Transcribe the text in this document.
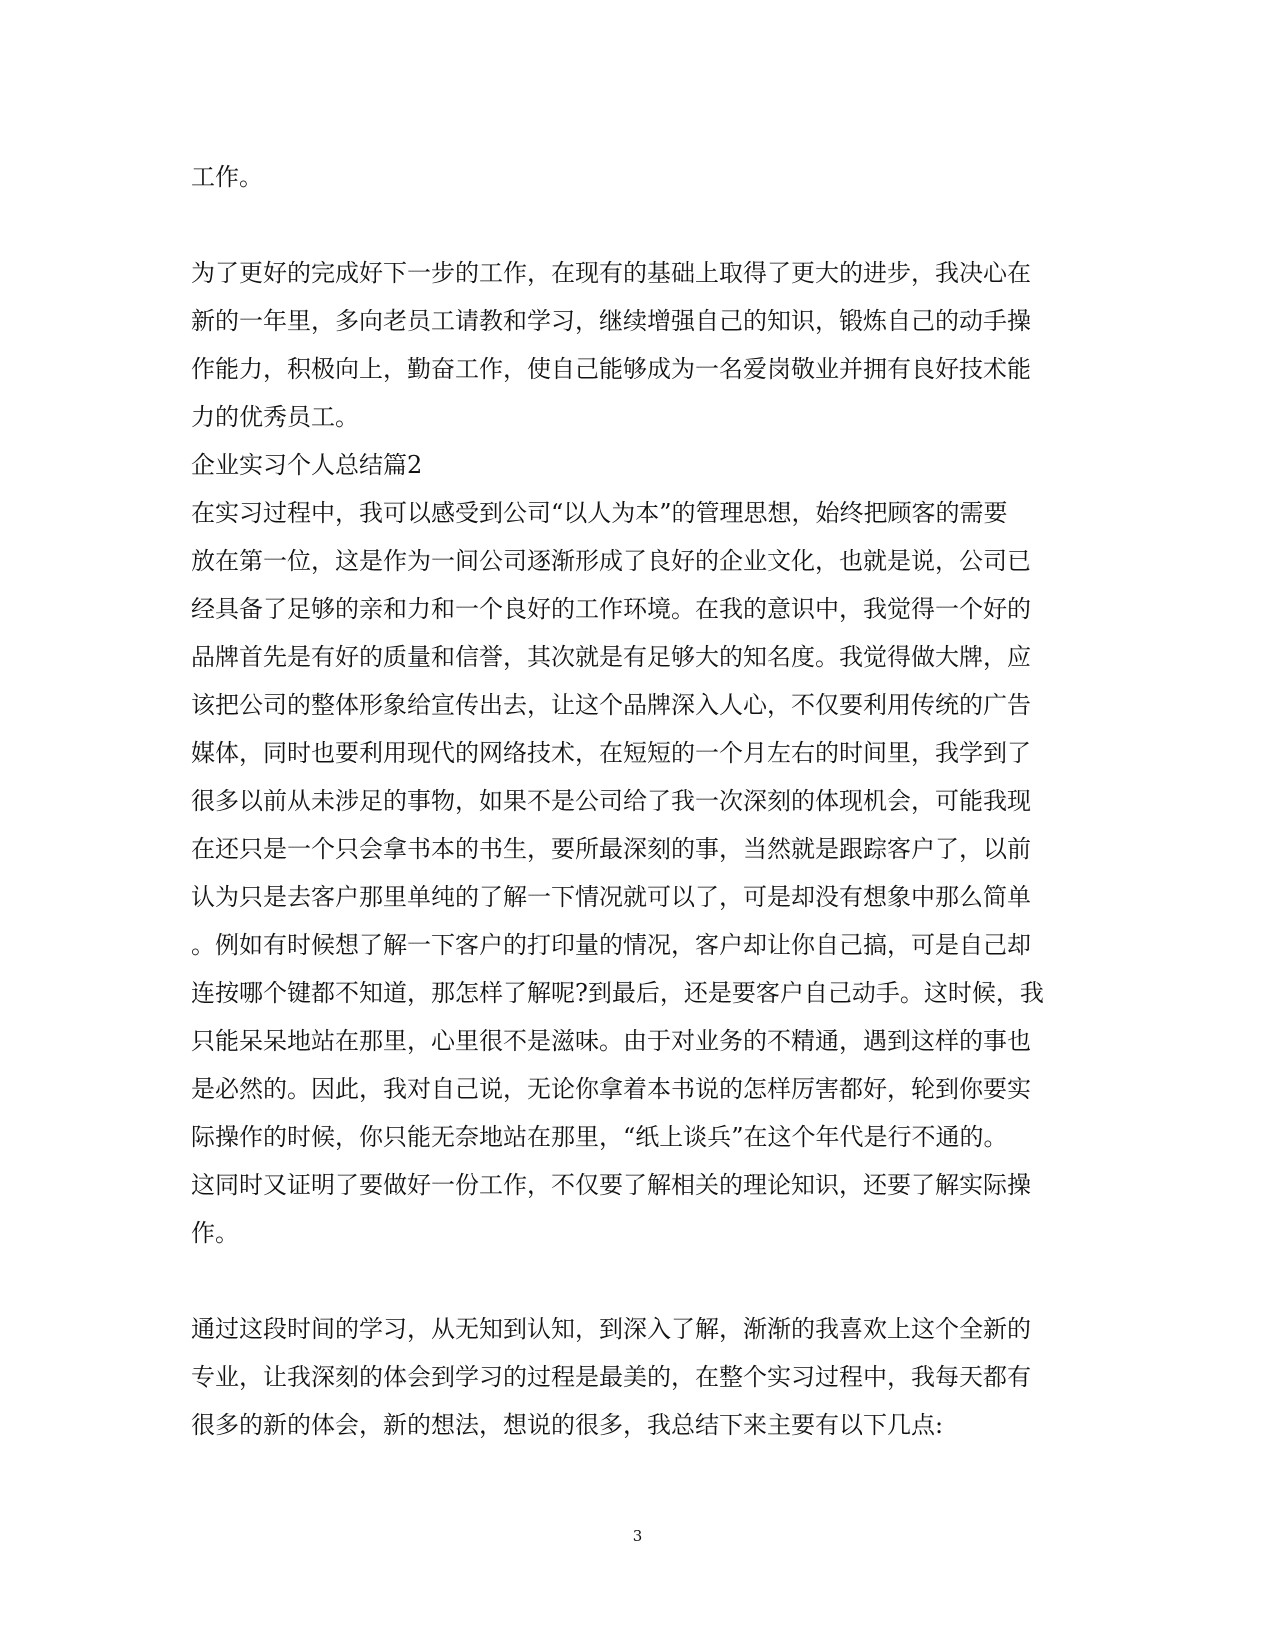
工作。
为了更好的完成好下一步的工作，在现有的基础上取得了更大的进步，我决心在
新的一年里，多向老员工请教和学习，继续增强自己的知识，锻炼自己的动手操
作能力，积极向上，勤奋工作，使自己能够成为一名爱岗敬业并拥有良好技术能
力的优秀员工。
企业实习个人总结篇2
在实习过程中，我可以感受到公司“以人为本”的管理思想，始终把顾客的需要
放在第一位，这是作为一间公司逐渐形成了良好的企业文化，也就是说，公司已
经具备了足够的亲和力和一个良好的工作环境。在我的意识中，我觉得一个好的
品牌首先是有好的质量和信誉，其次就是有足够大的知名度。我觉得做大牌，应
该把公司的整体形象给宣传出去，让这个品牌深入人心，不仅要利用传统的广告
媒体，同时也要利用现代的网络技术，在短短的一个月左右的时间里，我学到了
很多以前从未涉足的事物，如果不是公司给了我一次深刻的体现机会，可能我现
在还只是一个只会拿书本的书生，要所最深刻的事，当然就是跟踪客户了，以前
认为只是去客户那里单纯的了解一下情况就可以了，可是却没有想象中那么简单
。例如有时候想了解一下客户的打印量的情况，客户却让你自己搞，可是自己却
连按哪个键都不知道，那怎样了解呢?到最后，还是要客户自己动手。这时候，我
只能呆呆地站在那里，心里很不是滋味。由于对业务的不精通，遇到这样的事也
是必然的。因此，我对自己说，无论你拿着本书说的怎样厉害都好，轮到你要实
际操作的时候，你只能无奈地站在那里，“纸上谈兵”在这个年代是行不通的。
这同时又证明了要做好一份工作，不仅要了解相关的理论知识，还要了解实际操
作。
通过这段时间的学习，从无知到认知，到深入了解，渐渐的我喜欢上这个全新的
专业，让我深刻的体会到学习的过程是最美的，在整个实习过程中，我每天都有
很多的新的体会，新的想法，想说的很多，我总结下来主要有以下几点:
3
